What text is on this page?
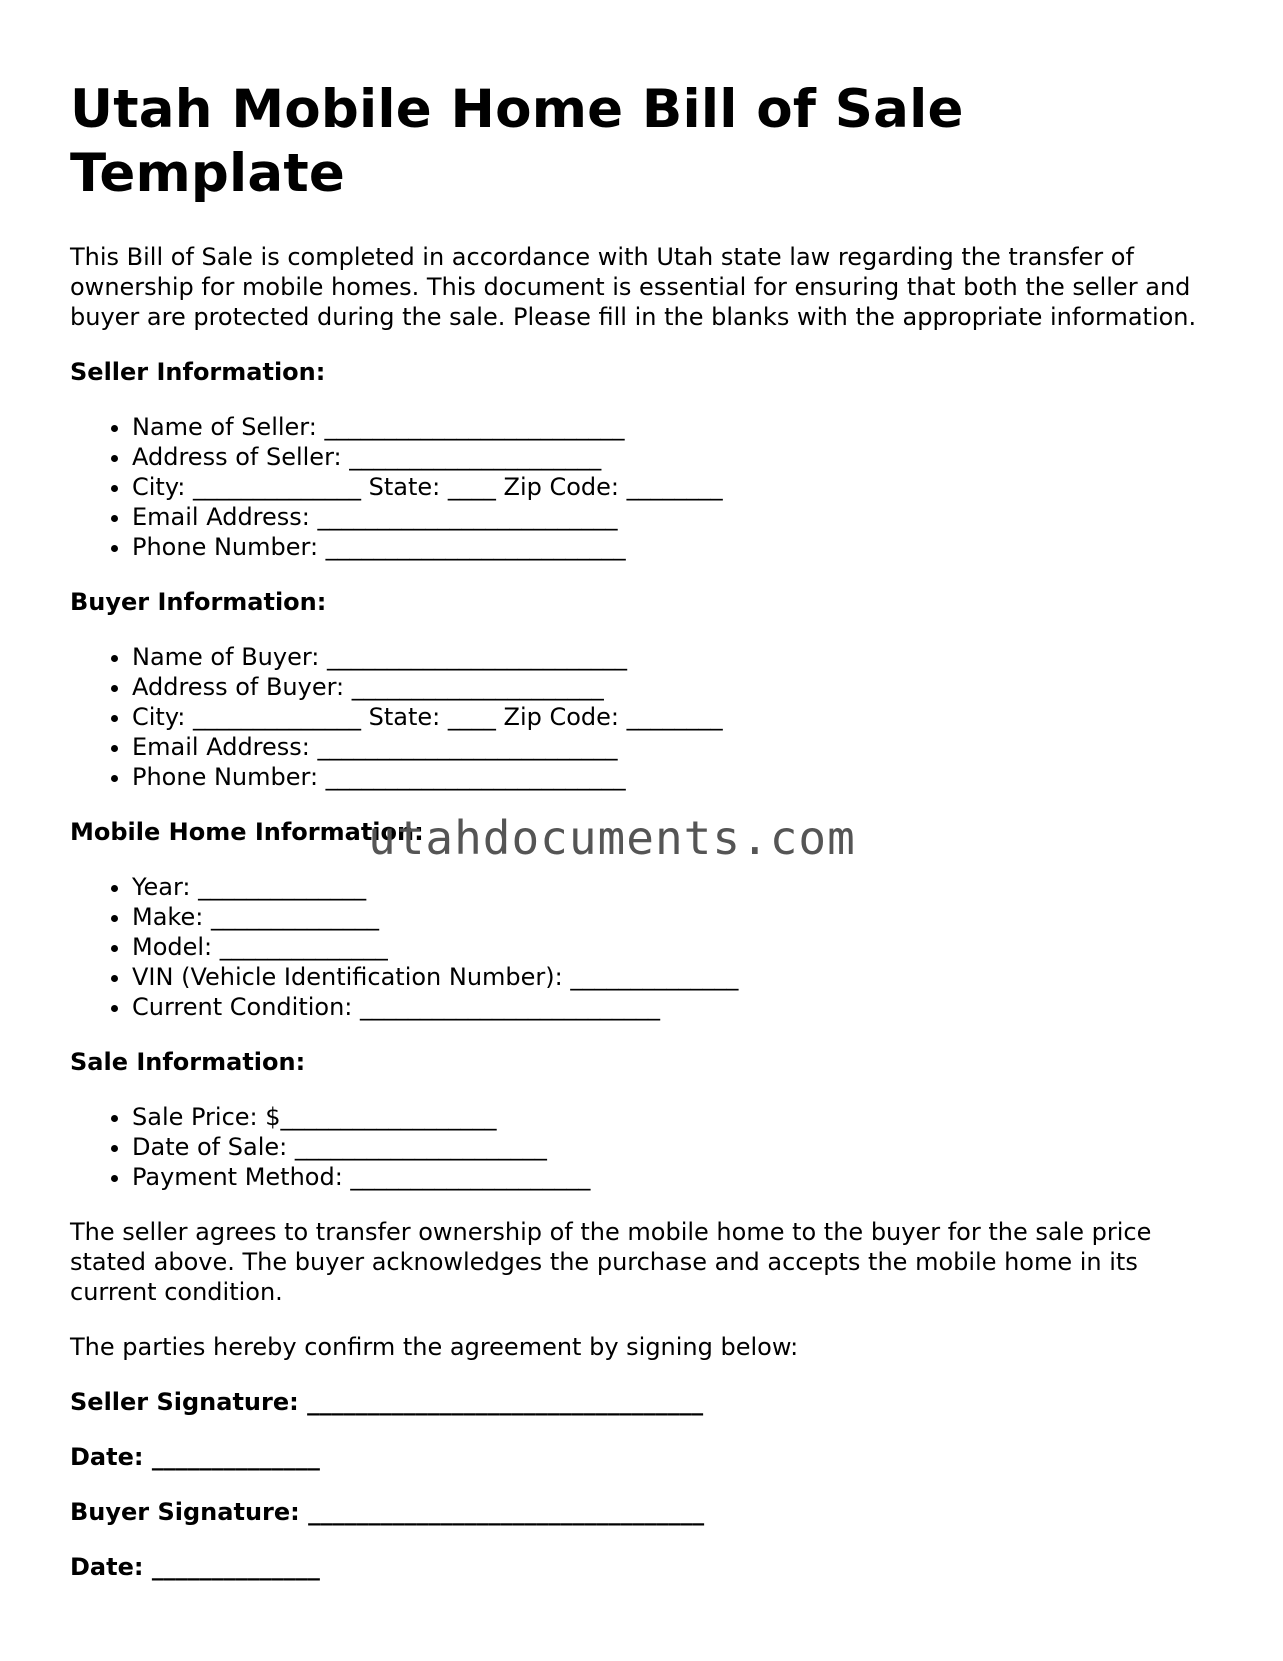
Utah Mobile Home Bill of Sale Template

This Bill of Sale is completed in accordance with Utah state law regarding the transfer of ownership for mobile homes. This document is essential for ensuring that both the seller and buyer are protected during the sale. Please fill in the blanks with the appropriate information.

Seller Information:
• Name of Seller: _________________________
• Address of Seller: _____________________
• City: ______________ State: ____ Zip Code: ________
• Email Address: _________________________
• Phone Number: _________________________
Buyer Information:
• Name of Buyer: _________________________
• Address of Buyer: _____________________
• City: ______________ State: ____ Zip Code: ________
• Email Address: _________________________
• Phone Number: _________________________
Mobile Home Information:
• Year: ______________
• Make: ______________
• Model: ______________
• VIN (Vehicle Identification Number): ______________
• Current Condition: _________________________
Sale Information:
• Sale Price: $__________________
• Date of Sale: _____________________
• Payment Method: ____________________

The seller agrees to transfer ownership of the mobile home to the buyer for the sale price stated above. The buyer acknowledges the purchase and accepts the mobile home in its current condition.

The parties hereby confirm the agreement by signing below:

Seller Signature: _________________________________
Date: ______________
Buyer Signature: _________________________________
Date: ______________
utahdocuments.com
